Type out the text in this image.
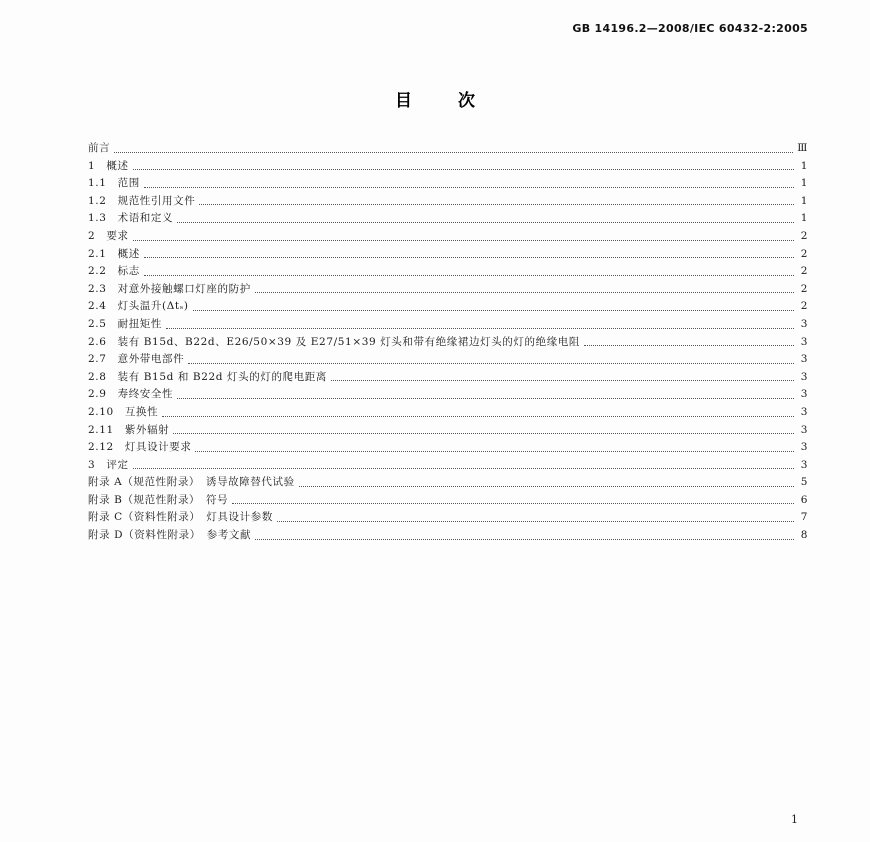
GB 14196.2—2008/IEC 60432-2:2005
目次
前言	Ⅲ
1　概述	1
1.1　范围	1
1.2　规范性引用文件	1
1.3　术语和定义	1
2　要求	2
2.1　概述	2
2.2　标志	2
2.3　对意外接触螺口灯座的防护	2
2.4　灯头温升(Δtₛ)	2
2.5　耐扭矩性	3
2.6　装有 B15d、B22d、E26/50×39 及 E27/51×39 灯头和带有绝缘裙边灯头的灯的绝缘电阻	3
2.7　意外带电部件	3
2.8　装有 B15d 和 B22d 灯头的灯的爬电距离	3
2.9　寿终安全性	3
2.10　互换性	3
2.11　紫外辐射	3
2.12　灯具设计要求	3
3　评定	3
附录 A（规范性附录）　诱导故障替代试验	5
附录 B（规范性附录）　符号	6
附录 C（资料性附录）　灯具设计参数	7
附录 D（资料性附录）　参考文献	8
1
